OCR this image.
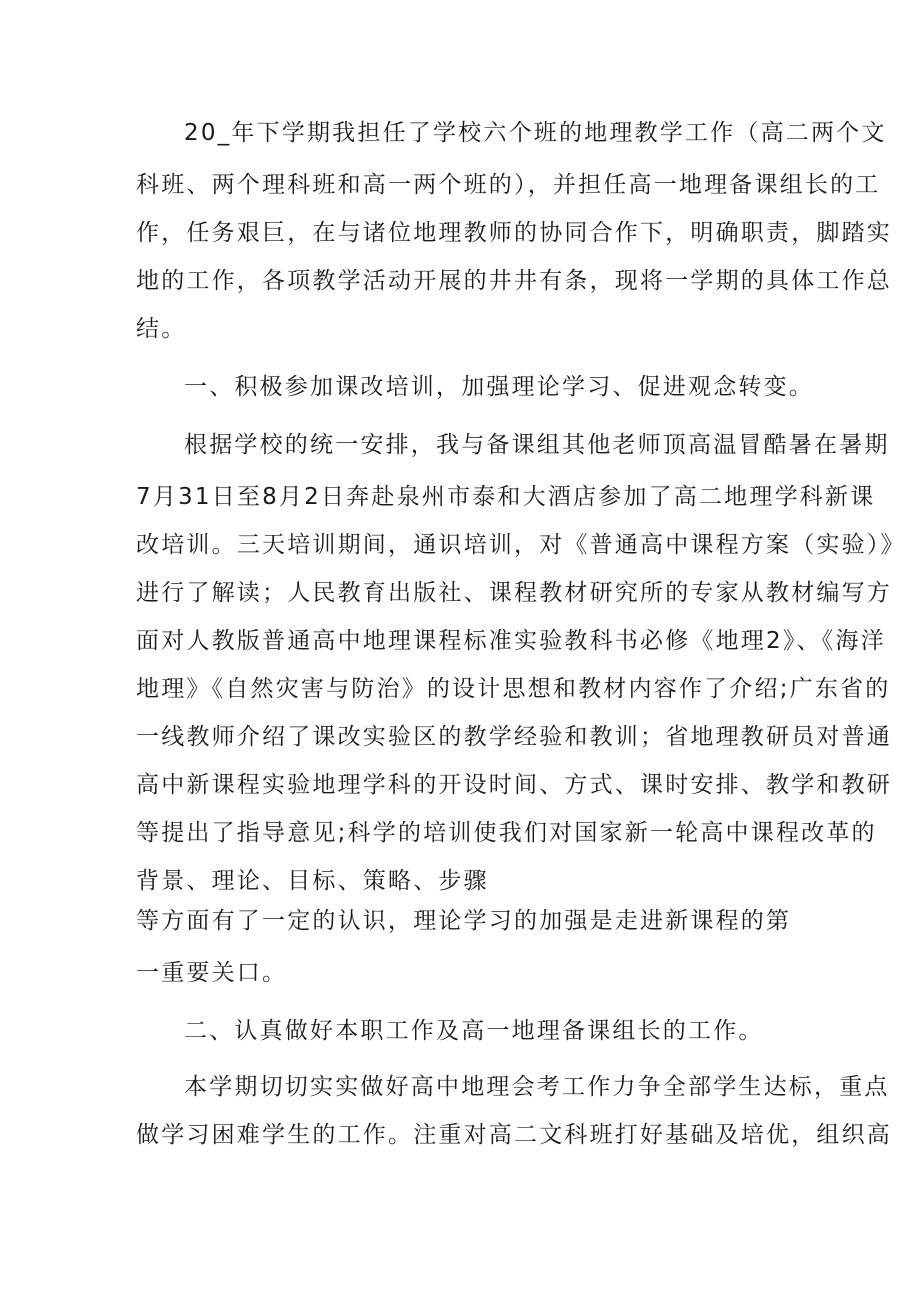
20_年下学期我担任了学校六个班的地理教学工作（高二两个文
科班、两个理科班和高一两个班的），并担任高一地理备课组长的工
作，任务艰巨，在与诸位地理教师的协同合作下，明确职责，脚踏实
地的工作，各项教学活动开展的井井有条，现将一学期的具体工作总
结。
一、积极参加课改培训，加强理论学习、促进观念转变。
根据学校的统一安排，我与备课组其他老师顶高温冒酷暑在暑期
7月31日至8月2日奔赴泉州市泰和大酒店参加了高二地理学科新课
改培训。三天培训期间，通识培训，对《普通高中课程方案（实验）》
进行了解读；人民教育出版社、课程教材研究所的专家从教材编写方
面对人教版普通高中地理课程标准实验教科书必修《地理2》、《海洋
地理》《自然灾害与防治》的设计思想和教材内容作了介绍;广东省的
一线教师介绍了课改实验区的教学经验和教训；省地理教研员对普通
高中新课程实验地理学科的开设时间、方式、课时安排、教学和教研
等提出了指导意见;科学的培训使我们对国家新一轮高中课程改革的
背景、理论、目标、策略、步骤
等方面有了一定的认识，理论学习的加强是走进新课程的第
一重要关口。
二、认真做好本职工作及高一地理备课组长的工作。
本学期切切实实做好高中地理会考工作力争全部学生达标，重点
做学习困难学生的工作。注重对高二文科班打好基础及培优，组织高
